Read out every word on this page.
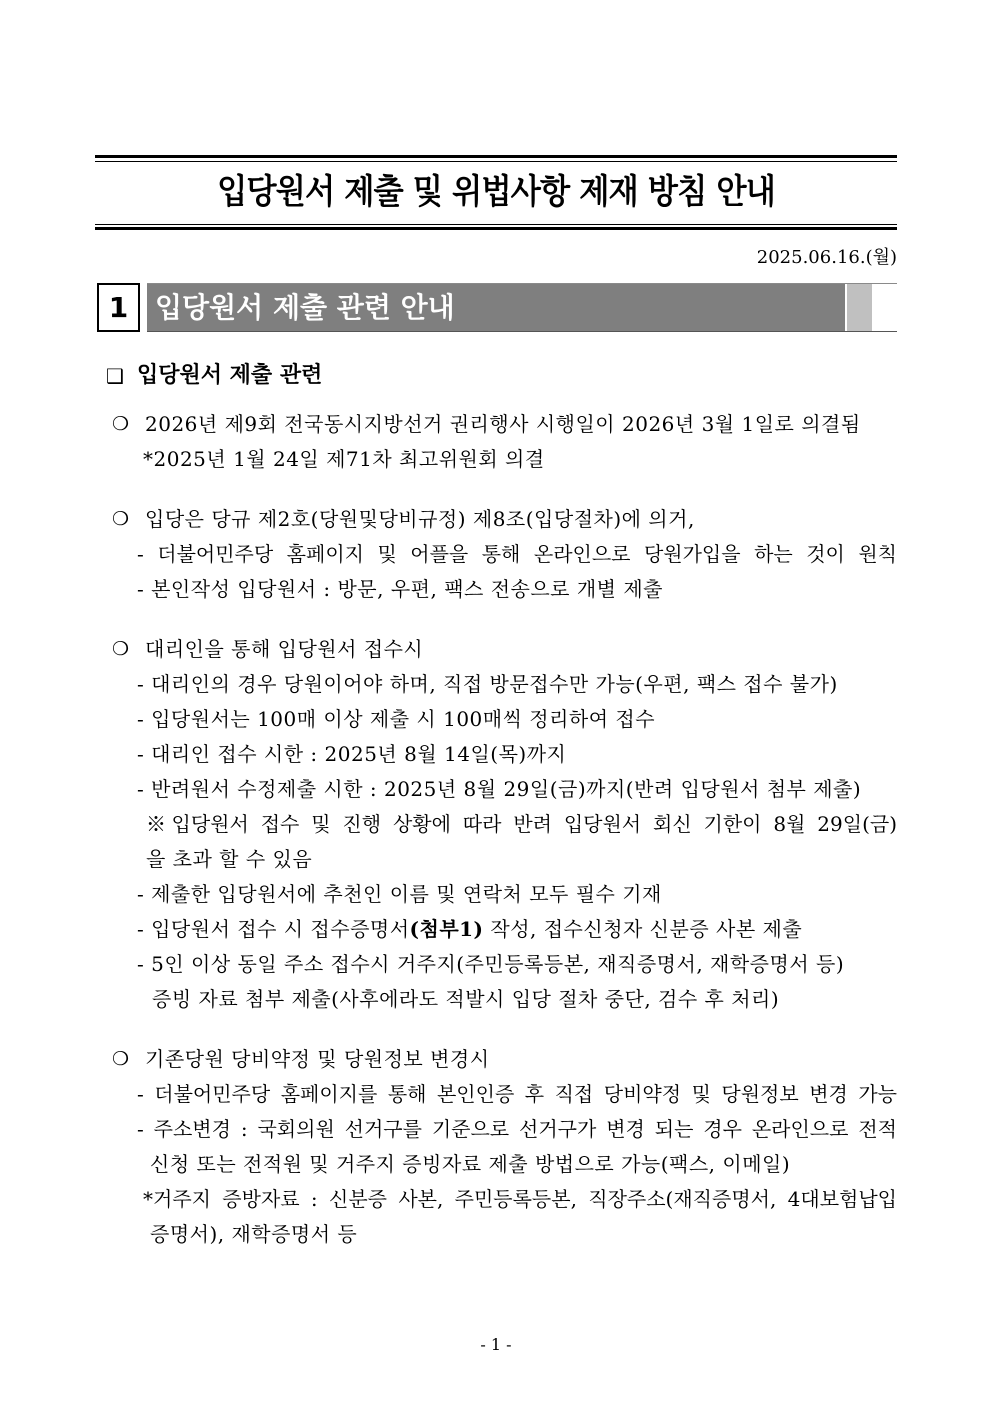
입당원서 제출 및 위법사항 제재 방침 안내
2025.06.16.(월)
1 입당원서 제출 관련 안내
❑ 입당원서 제출 관련
❍ 2026년 제9회 전국동시지방선거 권리행사 시행일이 2026년 3월 1일로 의결됨
*2025년 1월 24일 제71차 최고위원회 의결
❍ 입당은 당규 제2호(당원및당비규정) 제8조(입당절차)에 의거,
- 더불어민주당 홈페이지 및 어플을 통해 온라인으로 당원가입을 하는 것이 원칙
- 본인작성 입당원서 : 방문, 우편, 팩스 전송으로 개별 제출
❍ 대리인을 통해 입당원서 접수시
- 대리인의 경우 당원이어야 하며, 직접 방문접수만 가능(우편, 팩스 접수 불가)
- 입당원서는 100매 이상 제출 시 100매씩 정리하여 접수
- 대리인 접수 시한 : 2025년 8월 14일(목)까지
- 반려원서 수정제출 시한 : 2025년 8월 29일(금)까지(반려 입당원서 첨부 제출)
※입당원서 접수 및 진행 상황에 따라 반려 입당원서 회신 기한이 8월 29일(금)
을 초과 할 수 있음
- 제출한 입당원서에 추천인 이름 및 연락처 모두 필수 기재
- 입당원서 접수 시 접수증명서(첨부1) 작성, 접수신청자 신분증 사본 제출
- 5인 이상 동일 주소 접수시 거주지(주민등록등본, 재직증명서, 재학증명서 등)
증빙 자료 첨부 제출(사후에라도 적발시 입당 절차 중단, 검수 후 처리)
❍ 기존당원 당비약정 및 당원정보 변경시
- 더불어민주당 홈페이지를 통해 본인인증 후 직접 당비약정 및 당원정보 변경 가능
- 주소변경 : 국회의원 선거구를 기준으로 선거구가 변경 되는 경우 온라인으로 전적
신청 또는 전적원 및 거주지 증빙자료 제출 방법으로 가능(팩스, 이메일)
*거주지 증방자료 : 신분증 사본, 주민등록등본, 직장주소(재직증명서, 4대보험납입
증명서), 재학증명서 등
- 1 -
